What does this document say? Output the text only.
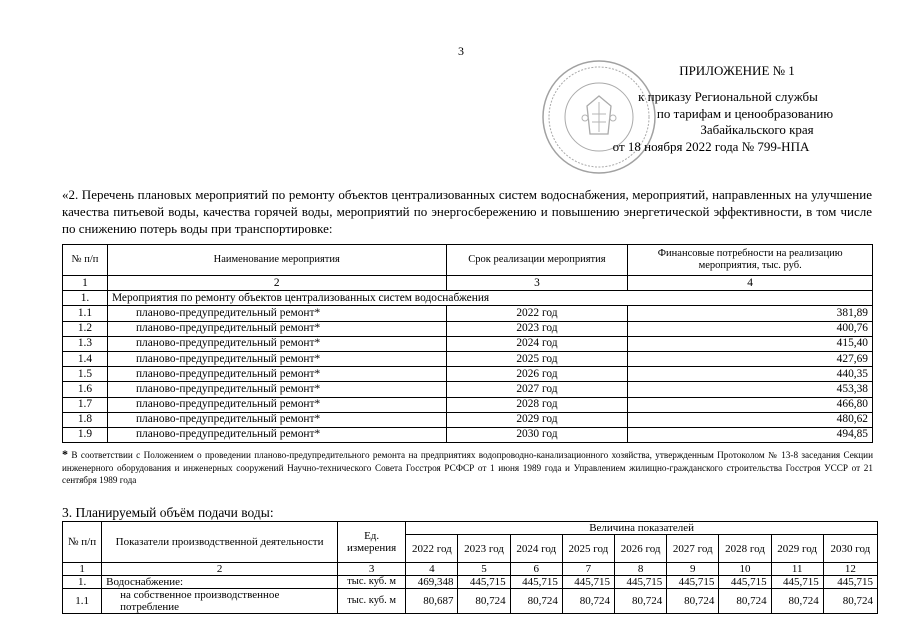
3
ПРИЛОЖЕНИЕ № 1
к приказу Региональной службы
по тарифам и ценообразованию
Забайкальского края
от 18 ноября 2022 года № 799-НПА
«2. Перечень плановых мероприятий по ремонту объектов централизованных систем водоснабжения, мероприятий, направленных на улучшение качества питьевой воды, качества горячей воды, мероприятий по энергосбережению и повышению энергетической эффективности, в том числе по снижению потерь воды при транспортировке:
№ п/п	Наименование мероприятия	Срок реализации мероприятия	Финансовые потребности на реализацию мероприятия, тыс. руб.
1	2	3	4
1.	Мероприятия по ремонту объектов централизованных систем водоснабжения		
1.1	планово-предупредительный ремонт*	2022 год	381,89
1.2	планово-предупредительный ремонт*	2023 год	400,76
1.3	планово-предупредительный ремонт*	2024 год	415,40
1.4	планово-предупредительный ремонт*	2025 год	427,69
1.5	планово-предупредительный ремонт*	2026 год	440,35
1.6	планово-предупредительный ремонт*	2027 год	453,38
1.7	планово-предупредительный ремонт*	2028 год	466,80
1.8	планово-предупредительный ремонт*	2029 год	480,62
1.9	планово-предупредительный ремонт*	2030 год	494,85
* В соответствии с Положением о проведении планово-предупредительного ремонта на предприятиях водопроводно-канализационного хозяйства, утвержденным Протоколом № 13-8 заседания Секции инженерного оборудования и инженерных сооружений Научно-технического Совета Госстроя РСФСР от 1 июня 1989 года и Управлением жилищно-гражданского строительства Госстроя УССР от 21 сентября 1989 года
3. Планируемый объём подачи воды:
№ п/п	Показатели производственной деятельности	Ед. измерения	Величина показателей								
			2022 год	2023 год	2024 год	2025 год	2026 год	2027 год	2028 год	2029 год	2030 год
1	2	3	4	5	6	7	8	9	10	11	12
1.	Водоснабжение:	тыс. куб. м	469,348	445,715	445,715	445,715	445,715	445,715	445,715	445,715	445,715
1.1	на собственное производственное потребление	тыс. куб. м	80,687	80,724	80,724	80,724	80,724	80,724	80,724	80,724	80,724
